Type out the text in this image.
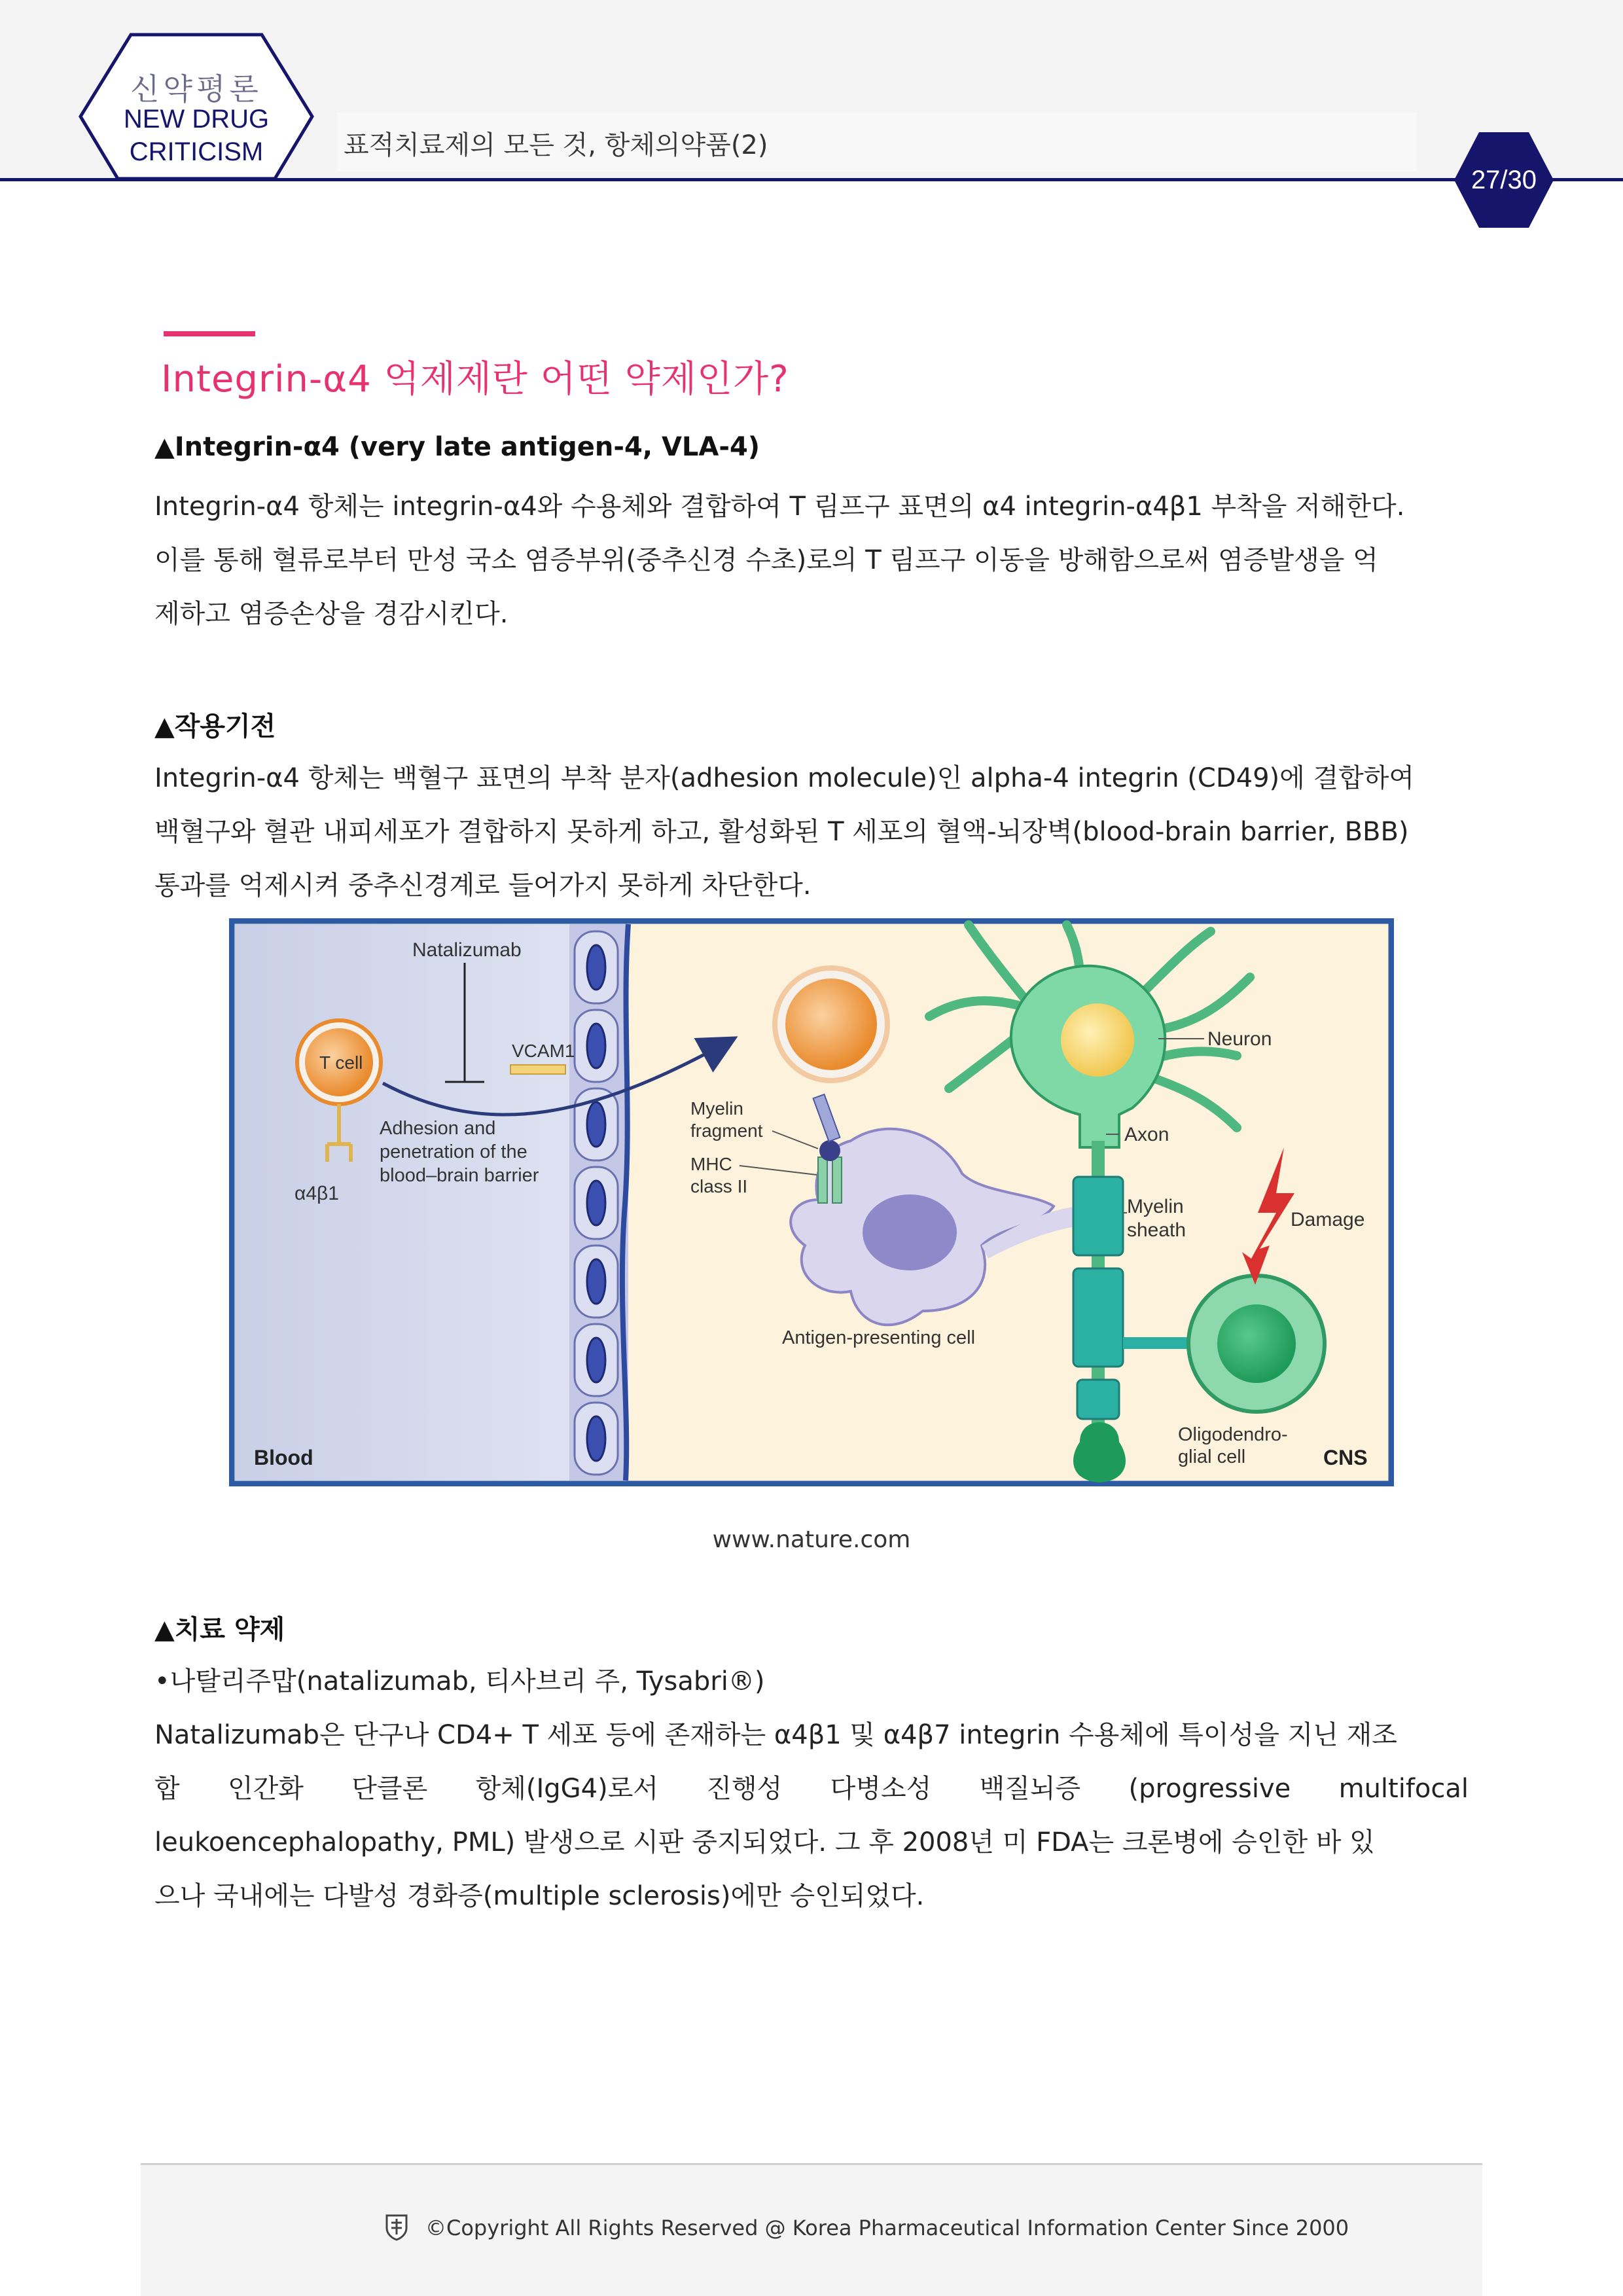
신약평론
NEW DRUG
CRITICISM	표적치료제의 모든 것, 항체의약품(2)
27/30
Integrin-α4 억제제란 어떤 약제인가?
▲Integrin-α4 (very late antigen-4, VLA-4)
Integrin-α4 항체는 integrin-α4와 수용체와 결합하여 T 림프구 표면의 α4 integrin-α4β1 부착을 저해한다.
이를 통해 혈류로부터 만성 국소 염증부위(중추신경 수초)로의 T 림프구 이동을 방해함으로써 염증발생을 억
제하고 염증손상을 경감시킨다.
▲작용기전
Integrin-α4 항체는 백혈구 표면의 부착 분자(adhesion molecule)인 alpha-4 integrin (CD49)에 결합하여
백혈구와 혈관 내피세포가 결합하지 못하게 하고, 활성화된 T 세포의 혈액-뇌장벽(blood-brain barrier, BBB)
통과를 억제시켜 중추신경계로 들어가지 못하게 차단한다.
Natalizumab
VCAM1
T cell
α4β1
Adhesion and
penetration of the
blood–brain barrier
Myelin
fragment
MHC
class II
Antigen-presenting cell
Neuron
Axon
Myelin
sheath	Damage
Oligodendro-
glial cell
Blood	CNS
www.nature.com
▲치료 약제
•나탈리주맙(natalizumab, 티사브리 주, Tysabri®)
Natalizumab은 단구나 CD4+ T 세포 등에 존재하는 α4β1 및 α4β7 integrin 수용체에 특이성을 지닌 재조
합 인간화 단클론 항체(IgG4)로서 진행성 다병소성 백질뇌증 (progressive multifocal
leukoencephalopathy, PML) 발생으로 시판 중지되었다. 그 후 2008년 미 FDA는 크론병에 승인한 바 있
으나 국내에는 다발성 경화증(multiple sclerosis)에만 승인되었다.
©Copyright All Rights Reserved @ Korea Pharmaceutical Information Center Since 2000
